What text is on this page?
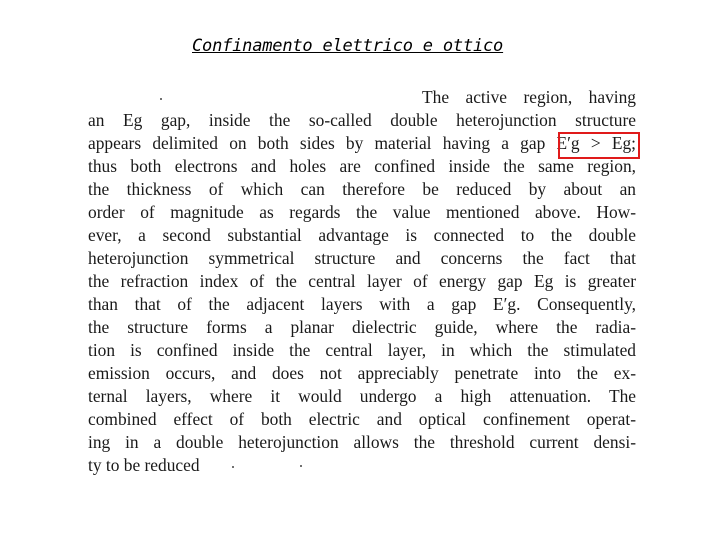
Confinamento elettrico e ottico
The active region, having
an Eg gap, inside the so-called double heterojunction structure
appears delimited on both sides by material having a gap E′g > Eg;
thus both electrons and holes are confined inside the same region,
the thickness of which can therefore be reduced by about an
order of magnitude as regards the value mentioned above. How-
ever, a second substantial advantage is connected to the double
heterojunction symmetrical structure and concerns the fact that
the refraction index of the central layer of energy gap Eg is greater
than that of the adjacent layers with a gap E′g. Consequently,
the structure forms a planar dielectric guide, where the radia-
tion is confined inside the central layer, in which the stimulated
emission occurs, and does not appreciably penetrate into the ex-
ternal layers, where it would undergo a high attenuation. The
combined effect of both electric and optical confinement operat-
ing in a double heterojunction allows the threshold current densi-
ty to be reduced
